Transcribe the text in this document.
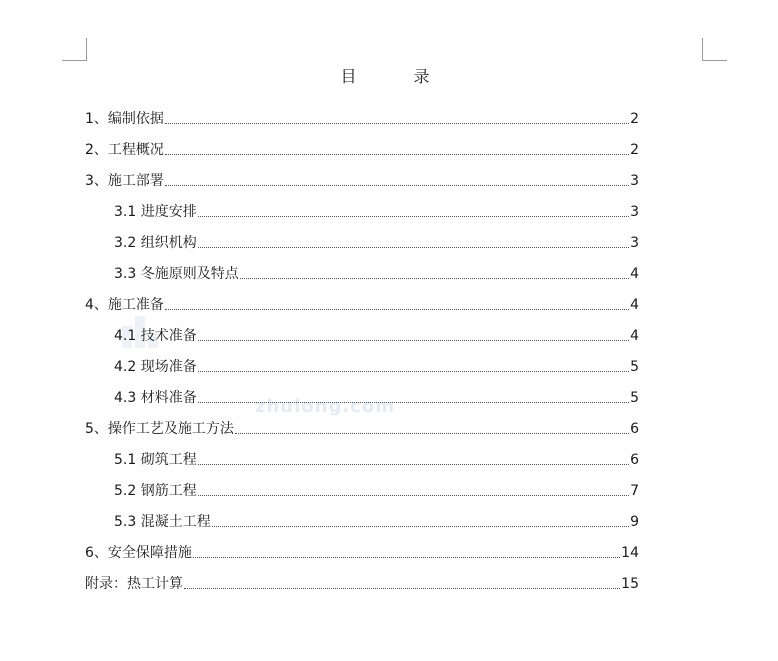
zhulong.com
目 录
1、编制依据	2
2、工程概况	2
3、施工部署	3
3.1 进度安排	3
3.2 组织机构	3
3.3 冬施原则及特点	4
4、施工准备	4
4.1 技术准备	4
4.2 现场准备	5
4.3 材料准备	5
5、操作工艺及施工方法	6
5.1 砌筑工程	6
5.2 钢筋工程	7
5.3 混凝土工程	9
6、安全保障措施	14
附录：热工计算	15
